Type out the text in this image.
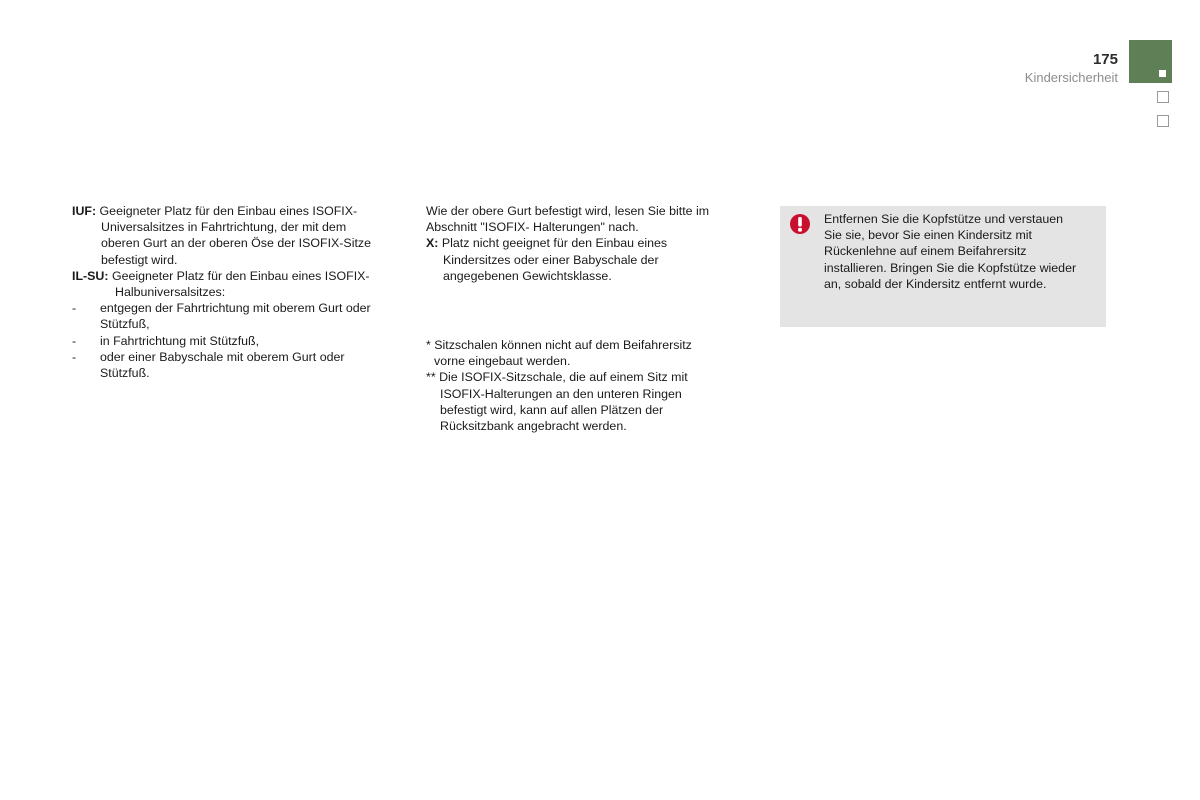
175
Kindersicherheit
IUF: Geeigneter Platz für den Einbau eines ISOFIX-
Universalsitzes in Fahrtrichtung, der mit dem
oberen Gurt an der oberen Öse der ISOFIX-Sitze
befestigt wird.
IL-SU: Geeigneter Platz für den Einbau eines ISOFIX-
Halbuniversalsitzes:
-	entgegen der Fahrtrichtung mit oberem Gurt oder
Stützfuß,
-	in Fahrtrichtung mit Stützfuß,
-	oder einer Babyschale mit oberem Gurt oder
Stützfuß.
Wie der obere Gurt befestigt wird, lesen Sie bitte im
Abschnitt "ISOFIX- Halterungen" nach.
X: Platz nicht geeignet für den Einbau eines
Kindersitzes oder einer Babyschale der
angegebenen Gewichtsklasse.
* Sitzschalen können nicht auf dem Beifahrersitz
vorne eingebaut werden.
** Die ISOFIX-Sitzschale, die auf einem Sitz mit
ISOFIX-Halterungen an den unteren Ringen
befestigt wird, kann auf allen Plätzen der
Rücksitzbank angebracht werden.
Entfernen Sie die Kopfstütze und verstauen
Sie sie, bevor Sie einen Kindersitz mit
Rückenlehne auf einem Beifahrersitz
installieren. Bringen Sie die Kopfstütze wieder
an, sobald der Kindersitz entfernt wurde.
